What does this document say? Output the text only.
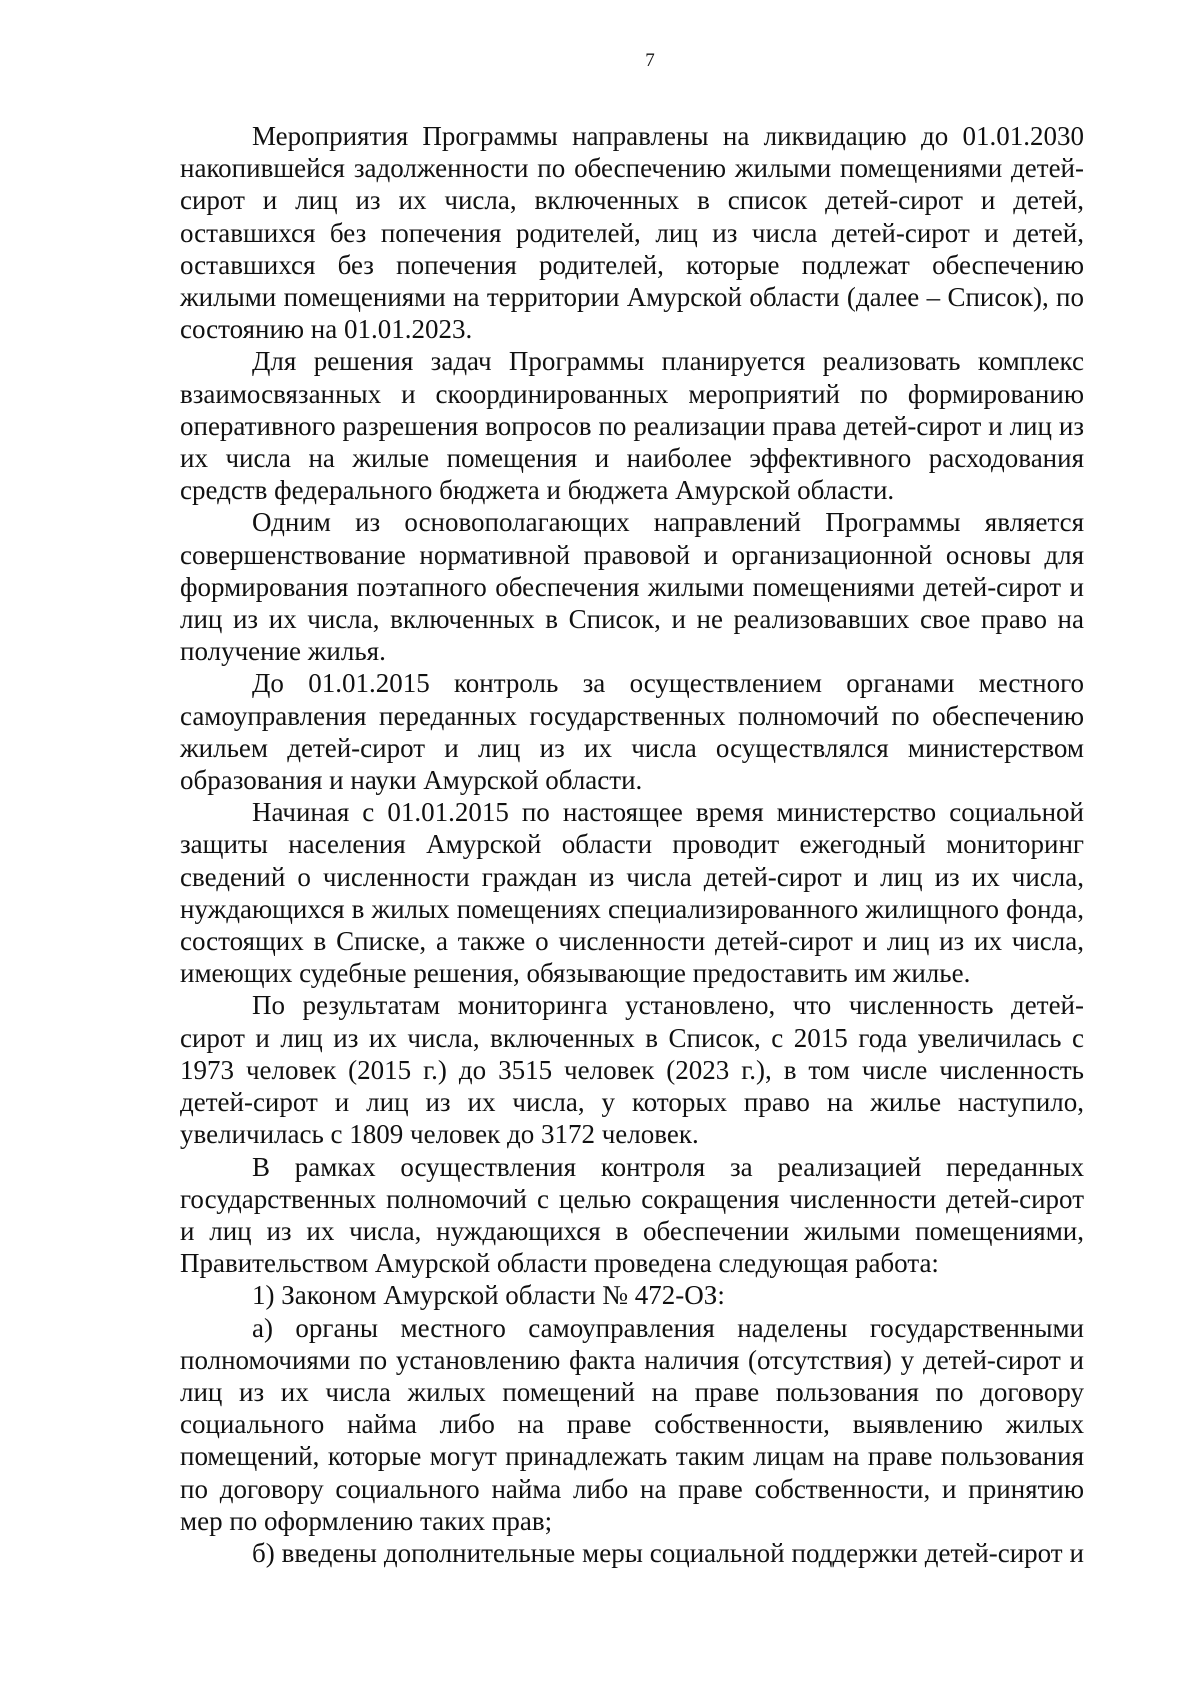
7

Мероприятия Программы направлены на ликвидацию до 01.01.2030 накопившейся задолженности по обеспечению жилыми помещениями детей-сирот и лиц из их числа, включенных в список детей-сирот и детей, оставшихся без попечения родителей, лиц из числа детей-сирот и детей, оставшихся без попечения родителей, которые подлежат обеспечению жилыми помещениями на территории Амурской области (далее – Список), по состоянию на 01.01.2023.

Для решения задач Программы планируется реализовать комплекс взаимосвязанных и скоординированных мероприятий по формированию оперативного разрешения вопросов по реализации права детей-сирот и лиц из их числа на жилые помещения и наиболее эффективного расходования средств федерального бюджета и бюджета Амурской области.

Одним из основополагающих направлений Программы является совершенствование нормативной правовой и организационной основы для формирования поэтапного обеспечения жилыми помещениями детей-сирот и лиц из их числа, включенных в Список, и не реализовавших свое право на получение жилья.

До 01.01.2015 контроль за осуществлением органами местного самоуправления переданных государственных полномочий по обеспечению жильем детей-сирот и лиц из их числа осуществлялся министерством образования и науки Амурской области.

Начиная с 01.01.2015 по настоящее время министерство социальной защиты населения Амурской области проводит ежегодный мониторинг сведений о численности граждан из числа детей-сирот и лиц из их числа, нуждающихся в жилых помещениях специализированного жилищного фонда, состоящих в Списке, а также о численности детей-сирот и лиц из их числа, имеющих судебные решения, обязывающие предоставить им жилье.

По результатам мониторинга установлено, что численность детей-сирот и лиц из их числа, включенных в Список, с 2015 года увеличилась с 1973 человек (2015 г.) до 3515 человек (2023 г.), в том числе численность детей-сирот и лиц из их числа, у которых право на жилье наступило, увеличилась с 1809 человек до 3172 человек.

В рамках осуществления контроля за реализацией переданных государственных полномочий с целью сокращения численности детей-сирот и лиц из их числа, нуждающихся в обеспечении жилыми помещениями, Правительством Амурской области проведена следующая работа:

1) Законом Амурской области № 472-ОЗ:

а) органы местного самоуправления наделены государственными полномочиями по установлению факта наличия (отсутствия) у детей-сирот и лиц из их числа жилых помещений на праве пользования по договору социального найма либо на праве собственности, выявлению жилых помещений, которые могут принадлежать таким лицам на праве пользования по договору социального найма либо на праве собственности, и принятию мер по оформлению таких прав;

б) введены дополнительные меры социальной поддержки детей-сирот и
